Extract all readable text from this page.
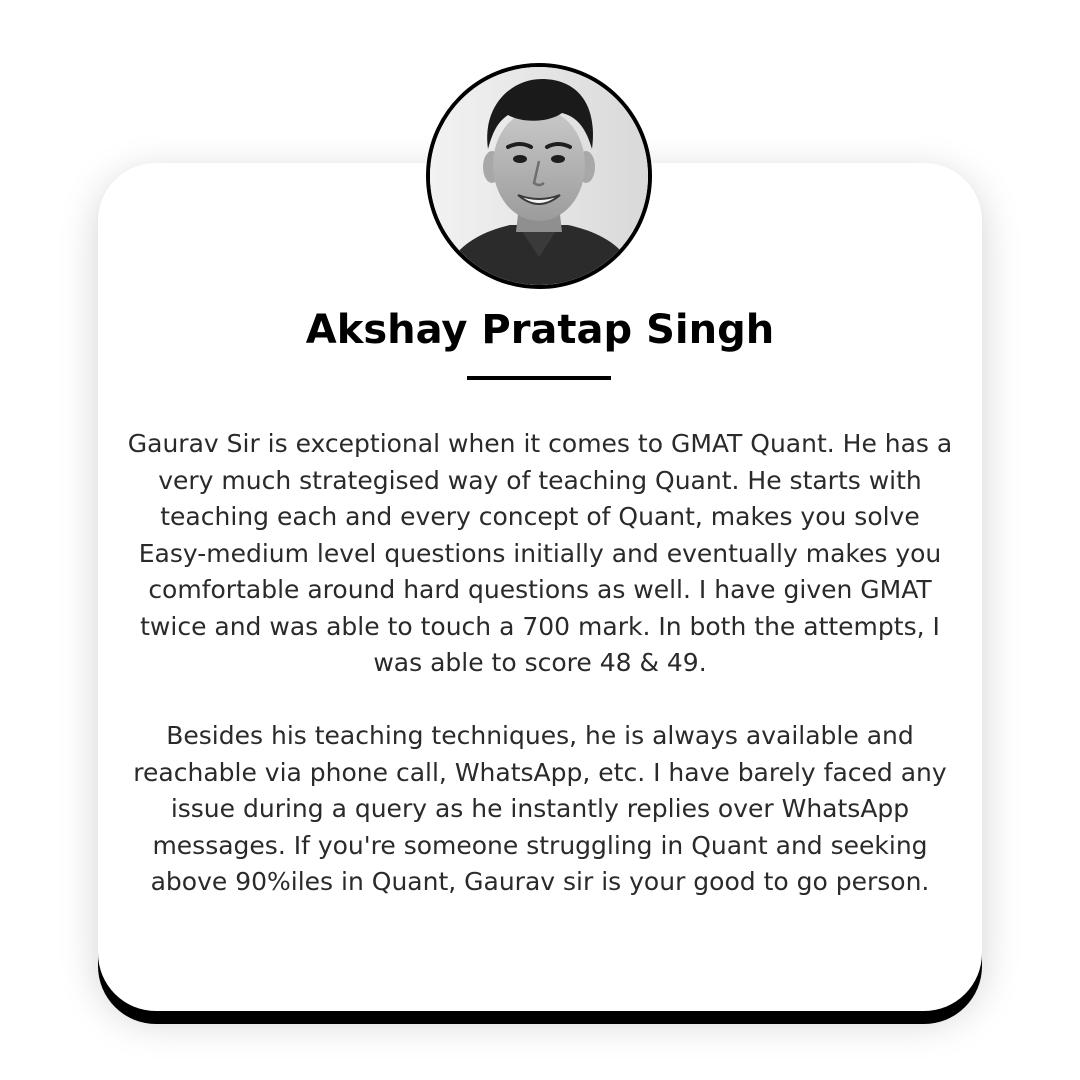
Akshay Pratap Singh

Gaurav Sir is exceptional when it comes to GMAT Quant. He has a very much strategised way of teaching Quant. He starts with teaching each and every concept of Quant, makes you solve Easy-medium level questions initially and eventually makes you comfortable around hard questions as well. I have given GMAT twice and was able to touch a 700 mark. In both the attempts, I was able to score 48 & 49.

Besides his teaching techniques, he is always available and reachable via phone call, WhatsApp, etc. I have barely faced any issue during a query as he instantly replies over WhatsApp messages. If you're someone struggling in Quant and seeking above 90%iles in Quant, Gaurav sir is your good to go person.
